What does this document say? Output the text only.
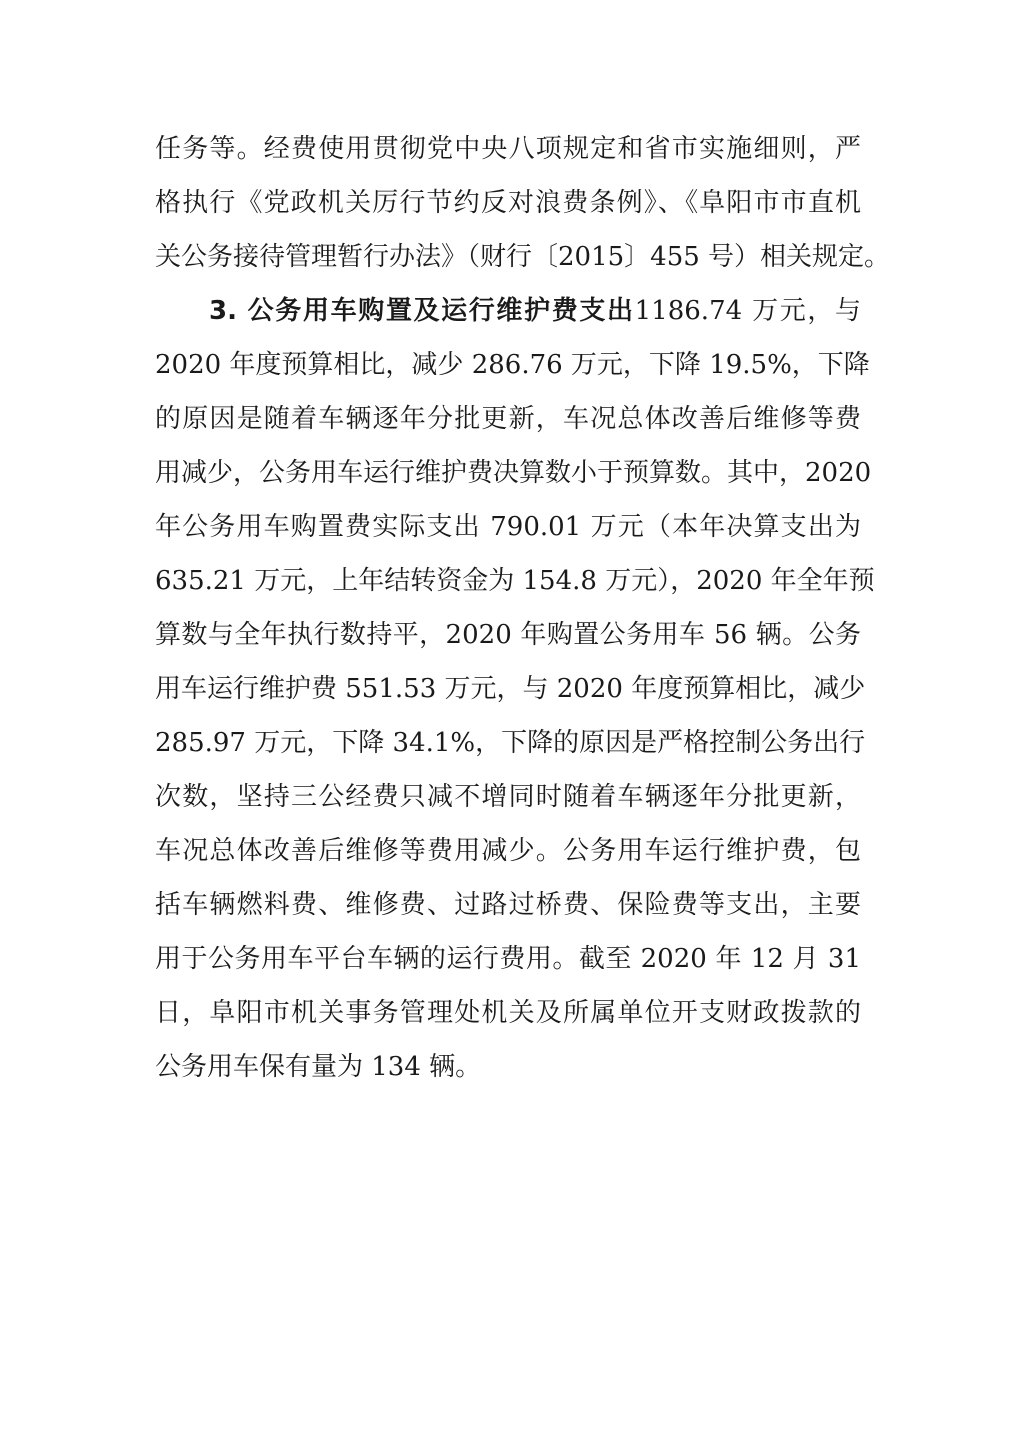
任务等。经费使用贯彻党中央八项规定和省市实施细则，严
格执行《党政机关厉行节约反对浪费条例》、《阜阳市市直机
关公务接待管理暂行办法》（财行〔2015〕455 号）相关规定。
3. 公务用车购置及运行维护费支出1186.74 万元，与
2020 年度预算相比，减少 286.76 万元，下降 19.5%，下降
的原因是随着车辆逐年分批更新，车况总体改善后维修等费
用减少，公务用车运行维护费决算数小于预算数。其中，2020
年公务用车购置费实际支出 790.01 万元（本年决算支出为
635.21 万元，上年结转资金为 154.8 万元），2020 年全年预
算数与全年执行数持平，2020 年购置公务用车 56 辆。公务
用车运行维护费 551.53 万元，与 2020 年度预算相比，减少
285.97 万元，下降 34.1%，下降的原因是严格控制公务出行
次数，坚持三公经费只减不增同时随着车辆逐年分批更新，
车况总体改善后维修等费用减少。公务用车运行维护费，包
括车辆燃料费、维修费、过路过桥费、保险费等支出，主要
用于公务用车平台车辆的运行费用。截至 2020 年 12 月 31
日，阜阳市机关事务管理处机关及所属单位开支财政拨款的
公务用车保有量为 134 辆。
